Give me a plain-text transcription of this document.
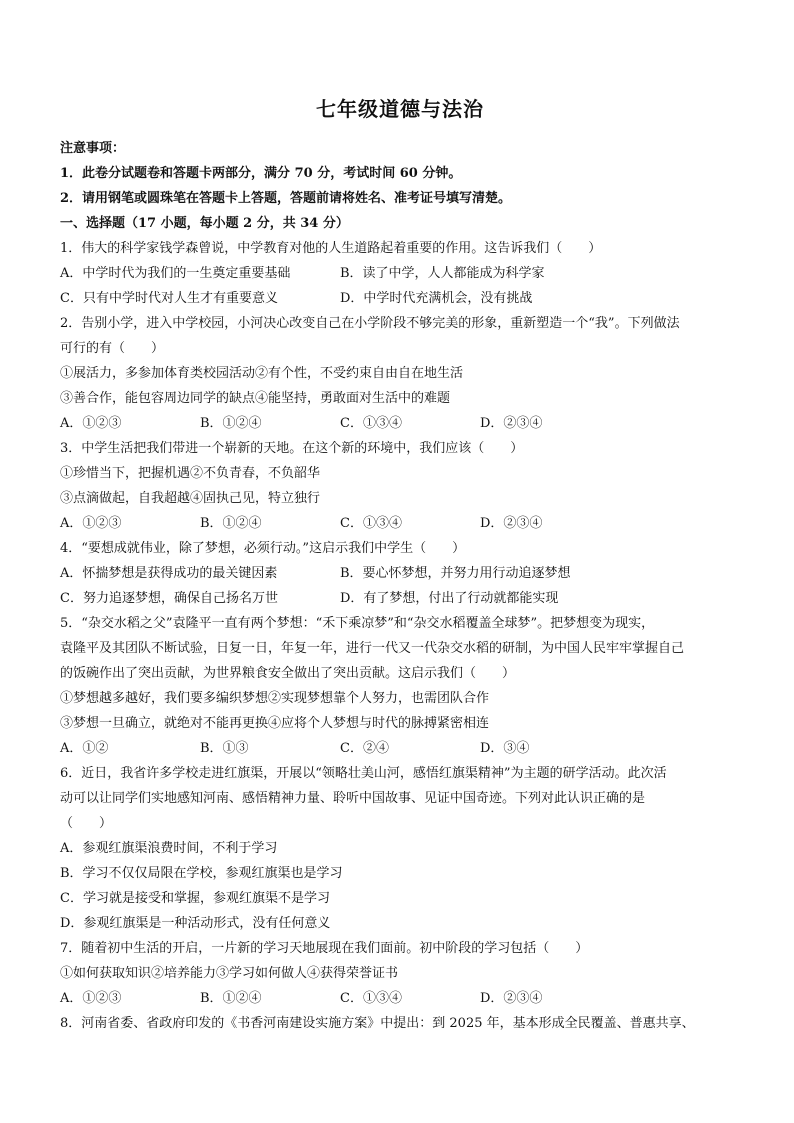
七年级道德与法治
注意事项：
1．此卷分试题卷和答题卡两部分，满分 70 分，考试时间 60 分钟。
2．请用钢笔或圆珠笔在答题卡上答题，答题前请将姓名、准考证号填写清楚。
一、选择题（17 小题，每小题 2 分，共 34 分）
1．伟大的科学家钱学森曾说，中学教育对他的人生道路起着重要的作用。这告诉我们（　　）
A．中学时代为我们的一生奠定重要基础	B．读了中学，人人都能成为科学家
C．只有中学时代对人生才有重要意义	D．中学时代充满机会，没有挑战
2．告别小学，进入中学校园，小河决心改变自己在小学阶段不够完美的形象，重新塑造一个“我”。下列做法
可行的有（　　）
①展活力，多参加体育类校园活动②有个性，不受约束自由自在地生活
③善合作，能包容周边同学的缺点④能坚持，勇敢面对生活中的难题
A．①②③	B．①②④	C．①③④	D．②③④
3．中学生活把我们带进一个崭新的天地。在这个新的环境中，我们应该（　　）
①珍惜当下，把握机遇②不负青春，不负韶华
③点滴做起，自我超越④固执己见，特立独行
A．①②③	B．①②④	C．①③④	D．②③④
4．“要想成就伟业，除了梦想，必须行动。”这启示我们中学生（　　）
A．怀揣梦想是获得成功的最关键因素	B．要心怀梦想，并努力用行动追逐梦想
C．努力追逐梦想，确保自己扬名万世	D．有了梦想，付出了行动就都能实现
5．“杂交水稻之父”袁隆平一直有两个梦想：“禾下乘凉梦”和“杂交水稻覆盖全球梦”。把梦想变为现实，
袁隆平及其团队不断试验，日复一日，年复一年，进行一代又一代杂交水稻的研制，为中国人民牢牢掌握自己
的饭碗作出了突出贡献，为世界粮食安全做出了突出贡献。这启示我们（　　）
①梦想越多越好，我们要多编织梦想②实现梦想靠个人努力，也需团队合作
③梦想一旦确立，就绝对不能再更换④应将个人梦想与时代的脉搏紧密相连
A．①②	B．①③	C．②④	D．③④
6．近日，我省许多学校走进红旗渠，开展以“领略壮美山河，感悟红旗渠精神”为主题的研学活动。此次活
动可以让同学们实地感知河南、感悟精神力量、聆听中国故事、见证中国奇迹。下列对此认识正确的是
（　　）
A．参观红旗渠浪费时间，不利于学习
B．学习不仅仅局限在学校，参观红旗渠也是学习
C．学习就是接受和掌握，参观红旗渠不是学习
D．参观红旗渠是一种活动形式，没有任何意义
7．随着初中生活的开启，一片新的学习天地展现在我们面前。初中阶段的学习包括（　　）
①如何获取知识②培养能力③学习如何做人④获得荣誉证书
A．①②③	B．①②④	C．①③④	D．②③④
8．河南省委、省政府印发的《书香河南建设实施方案》中提出：到 2025 年，基本形成全民覆盖、普惠共享、
